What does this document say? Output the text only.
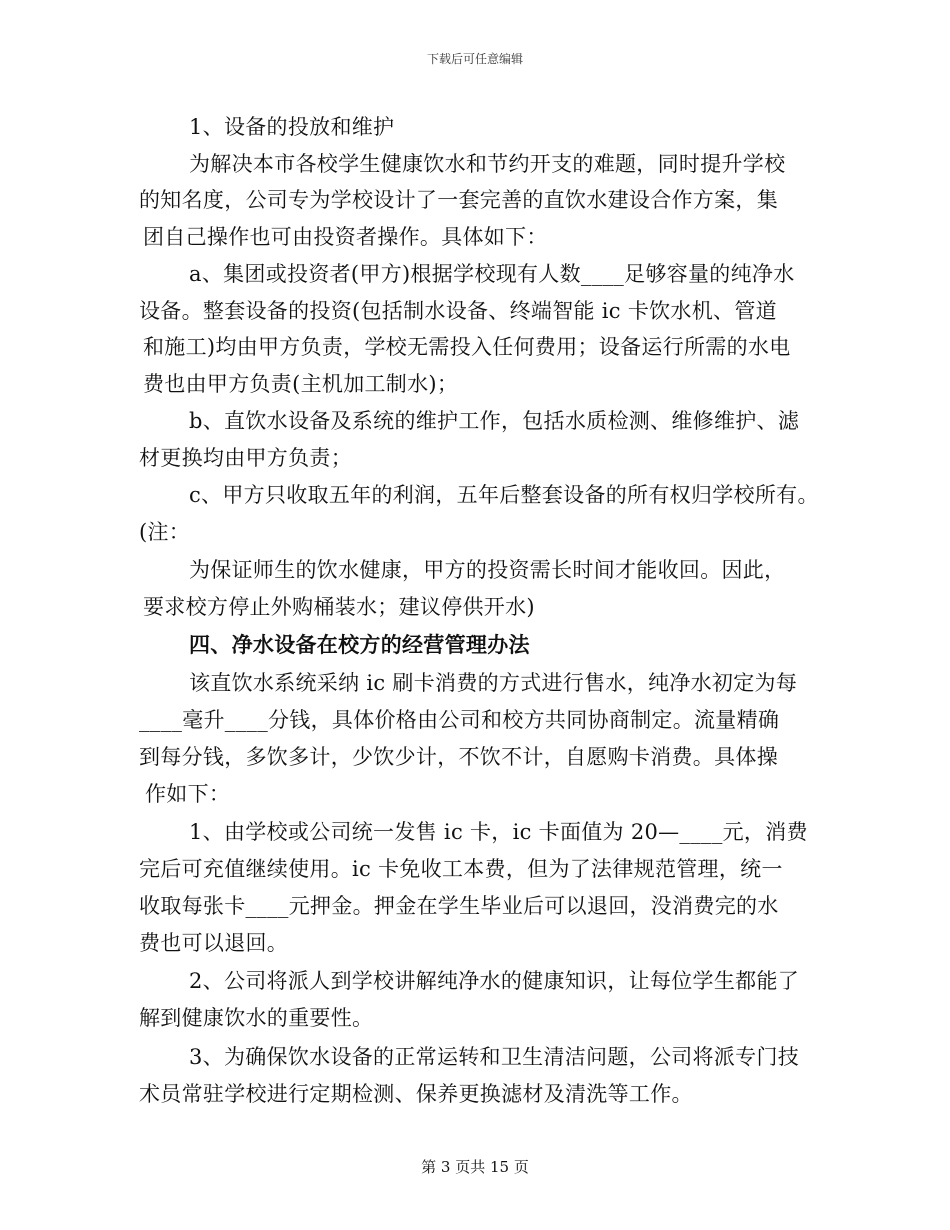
下载后可任意编辑
1、设备的投放和维护
为解决本市各校学生健康饮水和节约开支的难题，同时提升学校
的知名度，公司专为学校设计了一套完善的直饮水建设合作方案，集
团自己操作也可由投资者操作。具体如下：
a、集团或投资者(甲方)根据学校现有人数____足够容量的纯净水
设备。整套设备的投资(包括制水设备、终端智能 ic 卡饮水机、管道
和施工)均由甲方负责，学校无需投入任何费用；设备运行所需的水电
费也由甲方负责(主机加工制水)；
b、直饮水设备及系统的维护工作，包括水质检测、维修维护、滤
材更换均由甲方负责；
c、甲方只收取五年的利润，五年后整套设备的所有权归学校所有。
(注：
为保证师生的饮水健康，甲方的投资需长时间才能收回。因此，
要求校方停止外购桶装水；建议停供开水)
四、净水设备在校方的经营管理办法
该直饮水系统采纳 ic 刷卡消费的方式进行售水，纯净水初定为每
____毫升____分钱，具体价格由公司和校方共同协商制定。流量精确
到每分钱，多饮多计，少饮少计，不饮不计，自愿购卡消费。具体操
作如下：
1、由学校或公司统一发售 ic 卡，ic 卡面值为 20—____元，消费
完后可充值继续使用。ic 卡免收工本费，但为了法律规范管理，统一
收取每张卡____元押金。押金在学生毕业后可以退回，没消费完的水
费也可以退回。
2、公司将派人到学校讲解纯净水的健康知识，让每位学生都能了
解到健康饮水的重要性。
3、为确保饮水设备的正常运转和卫生清洁问题，公司将派专门技
术员常驻学校进行定期检测、保养更换滤材及清洗等工作。
第 3 页共 15 页
